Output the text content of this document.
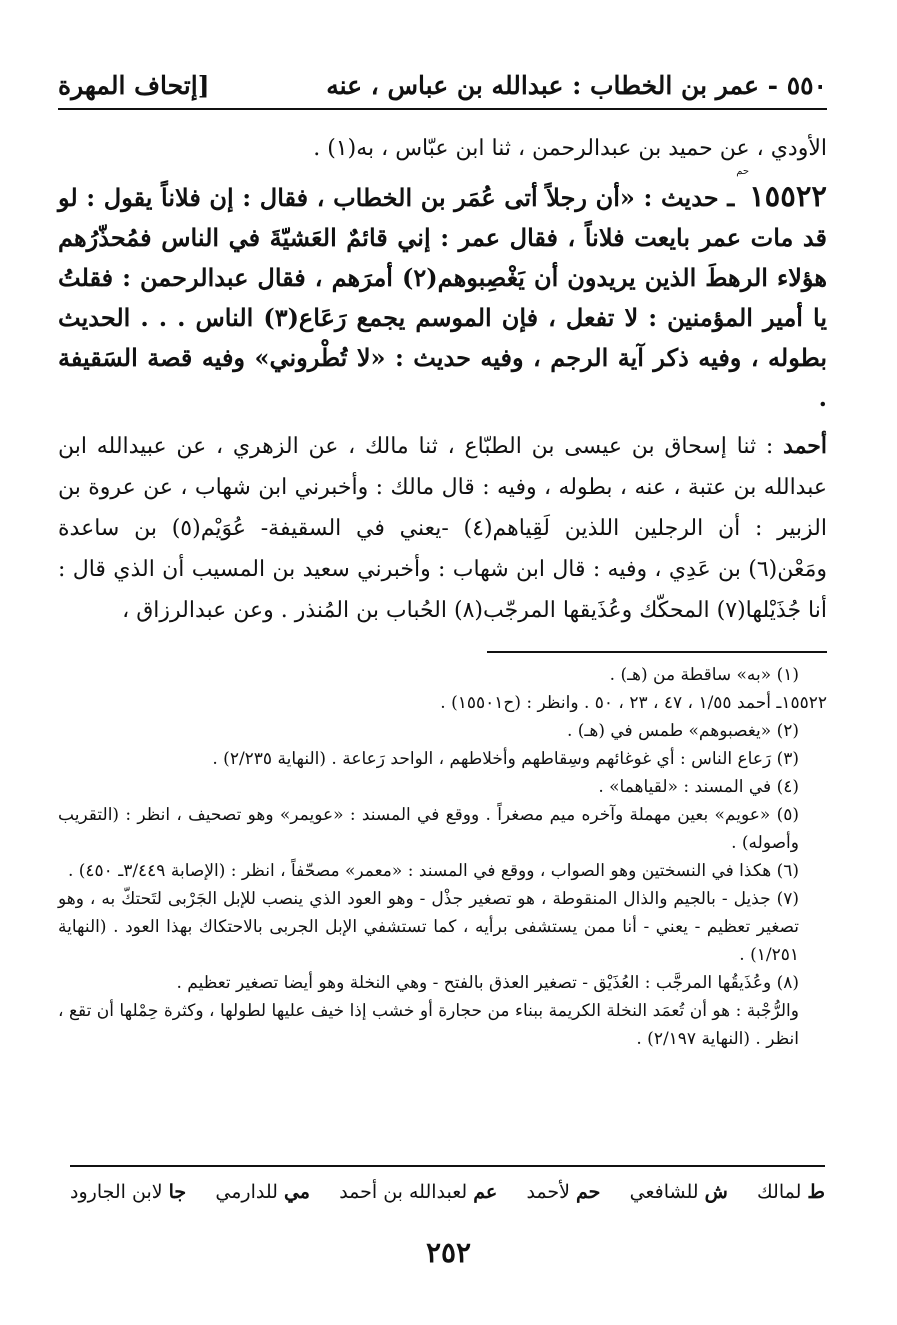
٥٥٠ - عمر بن الخطاب : عبدالله بن عباس ، عنه
[إتحاف المهرة
الأودي ، عن حميد بن عبدالرحمن ، ثنا ابن عبّاس ، به(١) .
١٥٥٢٢حمـ حديث : «أن رجلاً أتى عُمَر بن الخطاب ، فقال : إن فلاناً يقول : لو قد مات عمر بايعت فلاناً ، فقال عمر : إني قائمٌ العَشيّةَ في الناس فمُحذّرُهم هؤلاء الرهطَ الذين يريدون أن يَغْصِبوهم(٢) أمرَهم ، فقال عبدالرحمن : فقلتُ يا أمير المؤمنين : لا تفعل ، فإن الموسم يجمع رَعَاع(٣) الناس . . . الحديث بطوله ، وفيه ذكر آية الرجم ، وفيه حديث : «لا تُطْروني» وفيه قصة السَقيفة .
أحمد : ثنا إسحاق بن عيسى بن الطبّاع ، ثنا مالك ، عن الزهري ، عن عبيدالله ابن عبدالله بن عتبة ، عنه ، بطوله ، وفيه : قال مالك : وأخبرني ابن شهاب ، عن عروة بن الزبير : أن الرجلين اللذين لَقِياهم(٤) -يعني في السقيفة- عُوَيْم(٥) بن ساعدة ومَعْن(٦) بن عَدِي ، وفيه : قال ابن شهاب : وأخبرني سعيد بن المسيب أن الذي قال : أنا جُذَيْلها(٧) المحكّك وعُذَيقها المرجّب(٨) الحُباب بن المُنذر . وعن عبدالرزاق ،
(١) «به» ساقطة من (هـ) .
١٥٥٢٢ـ أحمد ١/٥٥ ، ٤٧ ، ٢٣ ، ٥٠ . وانظر : (ح١٥٥٠١) .
(٢) «يغصبوهم» طمس في (هـ) .
(٣) رَعاع الناس : أي غوغائهم وسِقاطهم وأخلاطهم ، الواحد رَعاعة . (النهاية ٢/٢٣٥) .
(٤) في المسند : «لقياهما» .
(٥) «عويم» بعين مهملة وآخره ميم مصغراً . ووقع في المسند : «عويمر» وهو تصحيف ، انظر : (التقريب وأصوله) .
(٦) هكذا في النسختين وهو الصواب ، ووقع في المسند : «معمر» مصحّفاً ، انظر : (الإصابة ٣/٤٤٩ـ ٤٥٠) .
(٧) جذيل - بالجيم والذال المنقوطة ، هو تصغير جذْل - وهو العود الذي ينصب للإبل الجَرْبى لتَحتكّ به ، وهو تصغير تعظيم - يعني - أنا ممن يستشفى برأيه ، كما تستشفي الإبل الجربى بالاحتكاك بهذا العود . (النهاية ١/٢٥١) .
(٨) وعُذَيقُها المرجَّب : العُذَيْق - تصغير العذق بالفتح - وهي النخلة وهو أيضا تصغير تعظيم .
والرُّجْبة : هو أن تُعمَد النخلة الكريمة ببناء من حجارة أو خشب إذا خيف عليها لطولها ، وكثرة حِمْلها أن تقع ، انظر . (النهاية ٢/١٩٧) .
ط لمالك
ش للشافعي
حم لأحمد
عم لعبدالله بن أحمد
مي للدارمي
جا لابن الجارود
٢٥٢
